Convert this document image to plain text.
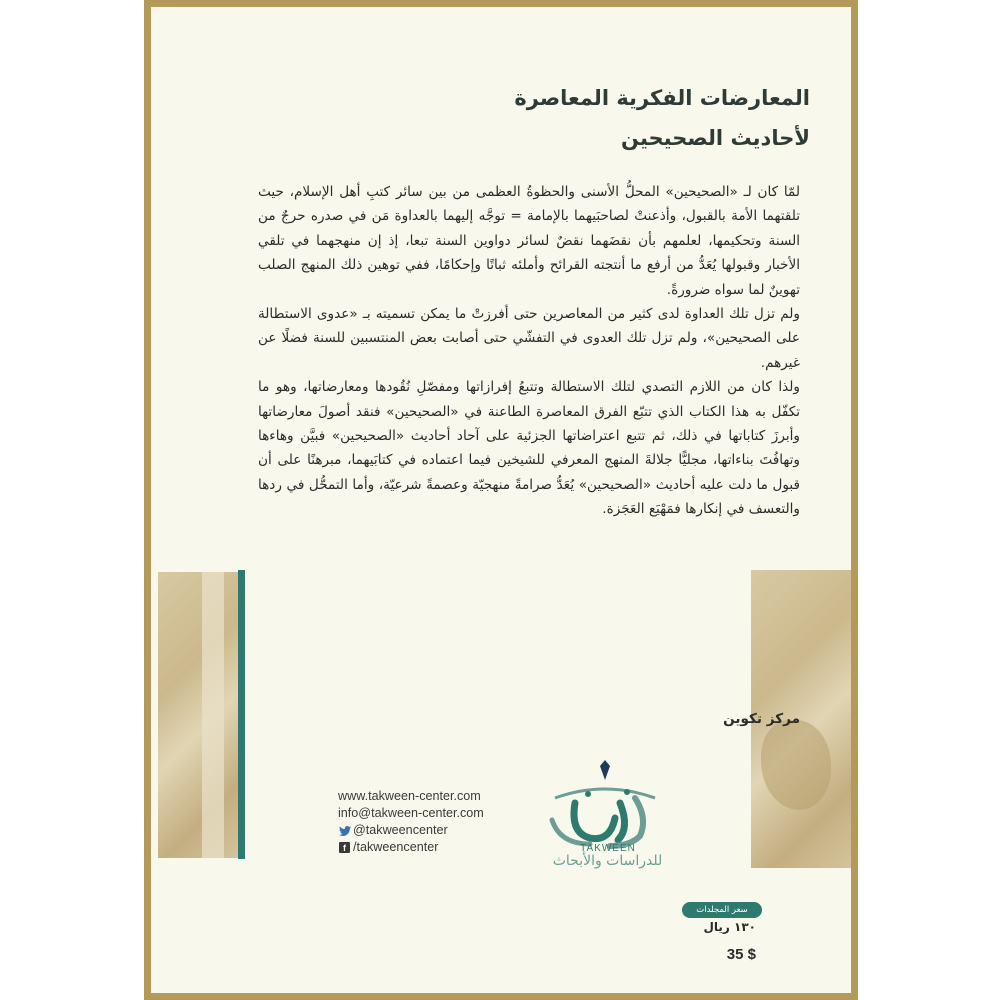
المعارضات الفكرية المعاصرة
لأحاديث الصحيحين

لمّا كان لـ «الصحيحين» المحلُّ الأسنى والحظوةُ العظمى من بين سائر كتبِ أهل الإسلام، حيث تلقتهما الأمة بالقبول، وأذعنتْ لصاحبَيهما بالإمامة = توجَّه إليهما بالعداوة مَن في صدره حرجٌ من السنة وتحكيمها، لعلمهم بأن نقضَهما نقضٌ لسائر دواوين السنة تبعا، إذ إن منهجهما في تلقي الأخبار وقبولها يُعَدُّ من أرفع ما أنتجته القرائح وأملئه ثباتًا وإحكامًا، ففي توهين ذلك المنهج الصلب تهوينٌ لما سواه ضرورةً.

ولم تزل تلك العداوة لدى كثير من المعاصرين حتى أفرزتْ ما يمكن تسميته بـ «عدوى الاستطالة على الصحيحين»، ولم تزل تلك العدوى في التفشّي حتى أصابت بعض المنتسبين للسنة فضلًا عن غيرهم.

ولذا كان من اللازم التصدي لتلك الاستطالة وتتبعُ إفرازاتها ومفصّلِ نُقُودها ومعارضاتها، وهو ما تكفّل به هذا الكتاب الذي تتبّع الفرق المعاصرة الطاعنة في «الصحيحين» فنقد أصولَ معارضاتها وأبرزَ كتاباتها في ذلك، ثم تتبع اعتراضاتها الجزئية على آحاد أحاديث «الصحيحين» فبيَّن وهاءها وتهافُتَ بناءاتها، مجليًّا جلالةَ المنهج المعرفي للشيخين فيما اعتماده في كتابَيهما، مبرهنًا على أن قبول ما دلت عليه أحاديث «الصحيحين» يُعَدُّ صرامةً منهجيّة وعصمةً شرعيّة، وأما التمحُّل في ردها والتعسف في إنكارها فمَهْيَع العَجَزة.

مركز تكوين
www.takween-center.com
info@takween-center.com
@takweencenter
f /takweencenter	TAKWEEN
للدراسات والأبحاث
سعر المجلدات
١٣٠ ريال
35 $
